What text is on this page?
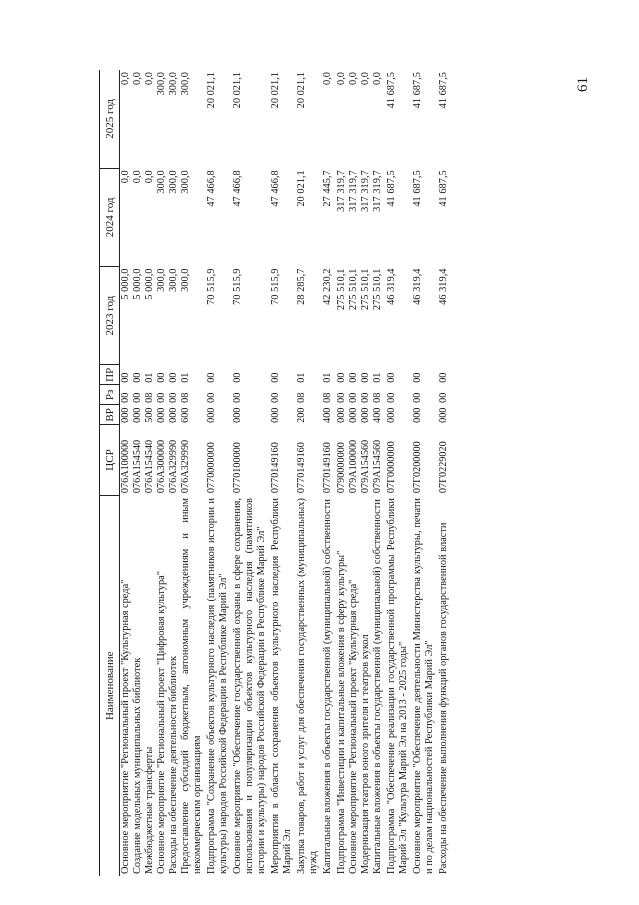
61
Наименование	ЦСР	ВР	Рз	ПР	2023 год	2024 год	2025 год
Основное мероприятие "Региональный проект "Культурная среда"	076A100000	000	00	00	5 000,0	0,0	0,0
Создание модельных муниципальных библиотек	076A154540	000	00	00	5 000,0	0,0	0,0
Межбюджетные трансферты	076A154540	500	08	01	5 000,0	0,0	0,0
Основное мероприятие "Региональный проект "Цифровая культура"	076A300000	000	00	00	300,0	300,0	300,0
Расходы на обеспечение деятельности библиотек	076A329990	000	00	00	300,0	300,0	300,0
Предоставление субсидий бюджетным, автономным учреждениям и иным некоммерческим организациям	076A329990	600	08	01	300,0	300,0	300,0
Подпрограмма "Сохранение объектов культурного наследия (памятников истории и культуры) народов Российской Федерации в Республике Марий Эл"	0770000000	000	00	00	70 515,9	47 466,8	20 021,1
Основное мероприятие "Обеспечение государственной охраны в сфере сохранения, использования и популяризации объектов культурного наследия (памятников истории и культуры) народов Российской Федерации в Республике Марий Эл"	0770100000	000	00	00	70 515,9	47 466,8	20 021,1
Мероприятия в области сохранения объектов культурного наследия Республики Марий Эл	0770149160	000	00	00	70 515,9	47 466,8	20 021,1
Закупка товаров, работ и услуг для обеспечения государственных (муниципальных) нужд	0770149160	200	08	01	28 285,7	20 021,1	20 021,1
Капитальные вложения в объекты государственной (муниципальной) собственности	0770149160	400	08	01	42 230,2	27 445,7	0,0
Подпрограмма "Инвестиции и капитальные вложения в сферу культуры"	0790000000	000	00	00	275 510,1	317 319,7	0,0
Основное мероприятие "Региональный проект "Культурная среда"	079A100000	000	00	00	275 510,1	317 319,7	0,0
Модернизация театров юного зрителя и театров кукол	079A154560	000	00	00	275 510,1	317 319,7	0,0
Капитальные вложения в объекты государственной (муниципальной) собственности	079A154560	400	08	01	275 510,1	317 319,7	0,0
Подпрограмма "Обеспечение реализации государственной программы Республики Марий Эл "Культура Марий Эл на 2013 - 2025 годы"	07Г0000000	000	00	00	46 319,4	41 687,5	41 687,5
Основное мероприятие "Обеспечение деятельности Министерства культуры, печати и по делам национальностей Республики Марий Эл"	07Г0200000	000	00	00	46 319,4	41 687,5	41 687,5
Расходы на обеспечение выполнения функций органов государственной власти	07Г0229020	000	00	00	46 319,4	41 687,5	41 687,5
